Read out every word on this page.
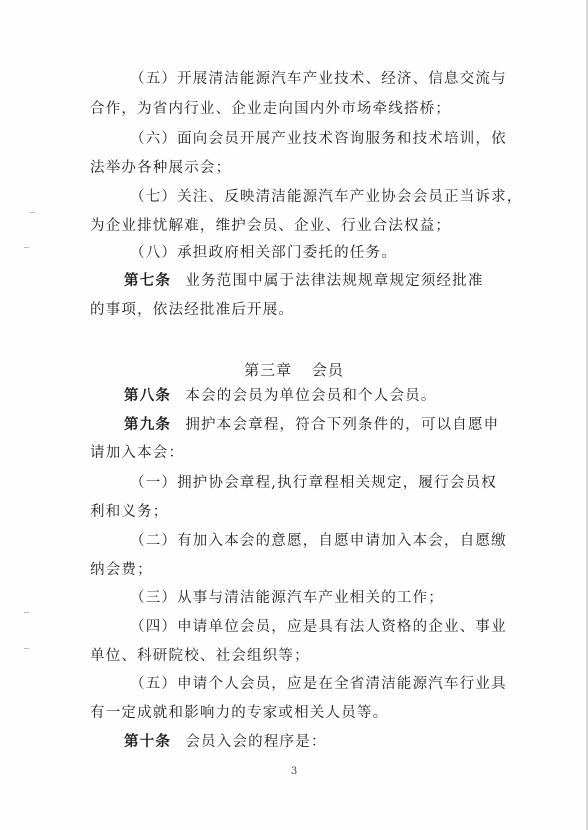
（五）开展清洁能源汽车产业技术、经济、信息交流与
合作，为省内行业、企业走向国内外市场牵线搭桥；
（六）面向会员开展产业技术咨询服务和技术培训，依
法举办各种展示会；
（七）关注、反映清洁能源汽车产业协会会员正当诉求，
为企业排忧解难，维护会员、企业、行业合法权益；
（八）承担政府相关部门委托的任务。
第七条 业务范围中属于法律法规规章规定须经批准
的事项，依法经批准后开展。
第三章 会员
第八条 本会的会员为单位会员和个人会员。
第九条 拥护本会章程，符合下列条件的，可以自愿申
请加入本会：
（一）拥护协会章程,执行章程相关规定，履行会员权
利和义务；
（二）有加入本会的意愿，自愿申请加入本会，自愿缴
纳会费；
（三）从事与清洁能源汽车产业相关的工作；
（四）申请单位会员，应是具有法人资格的企业、事业
单位、科研院校、社会组织等；
（五）申请个人会员，应是在全省清洁能源汽车行业具
有一定成就和影响力的专家或相关人员等。
第十条 会员入会的程序是：
3
